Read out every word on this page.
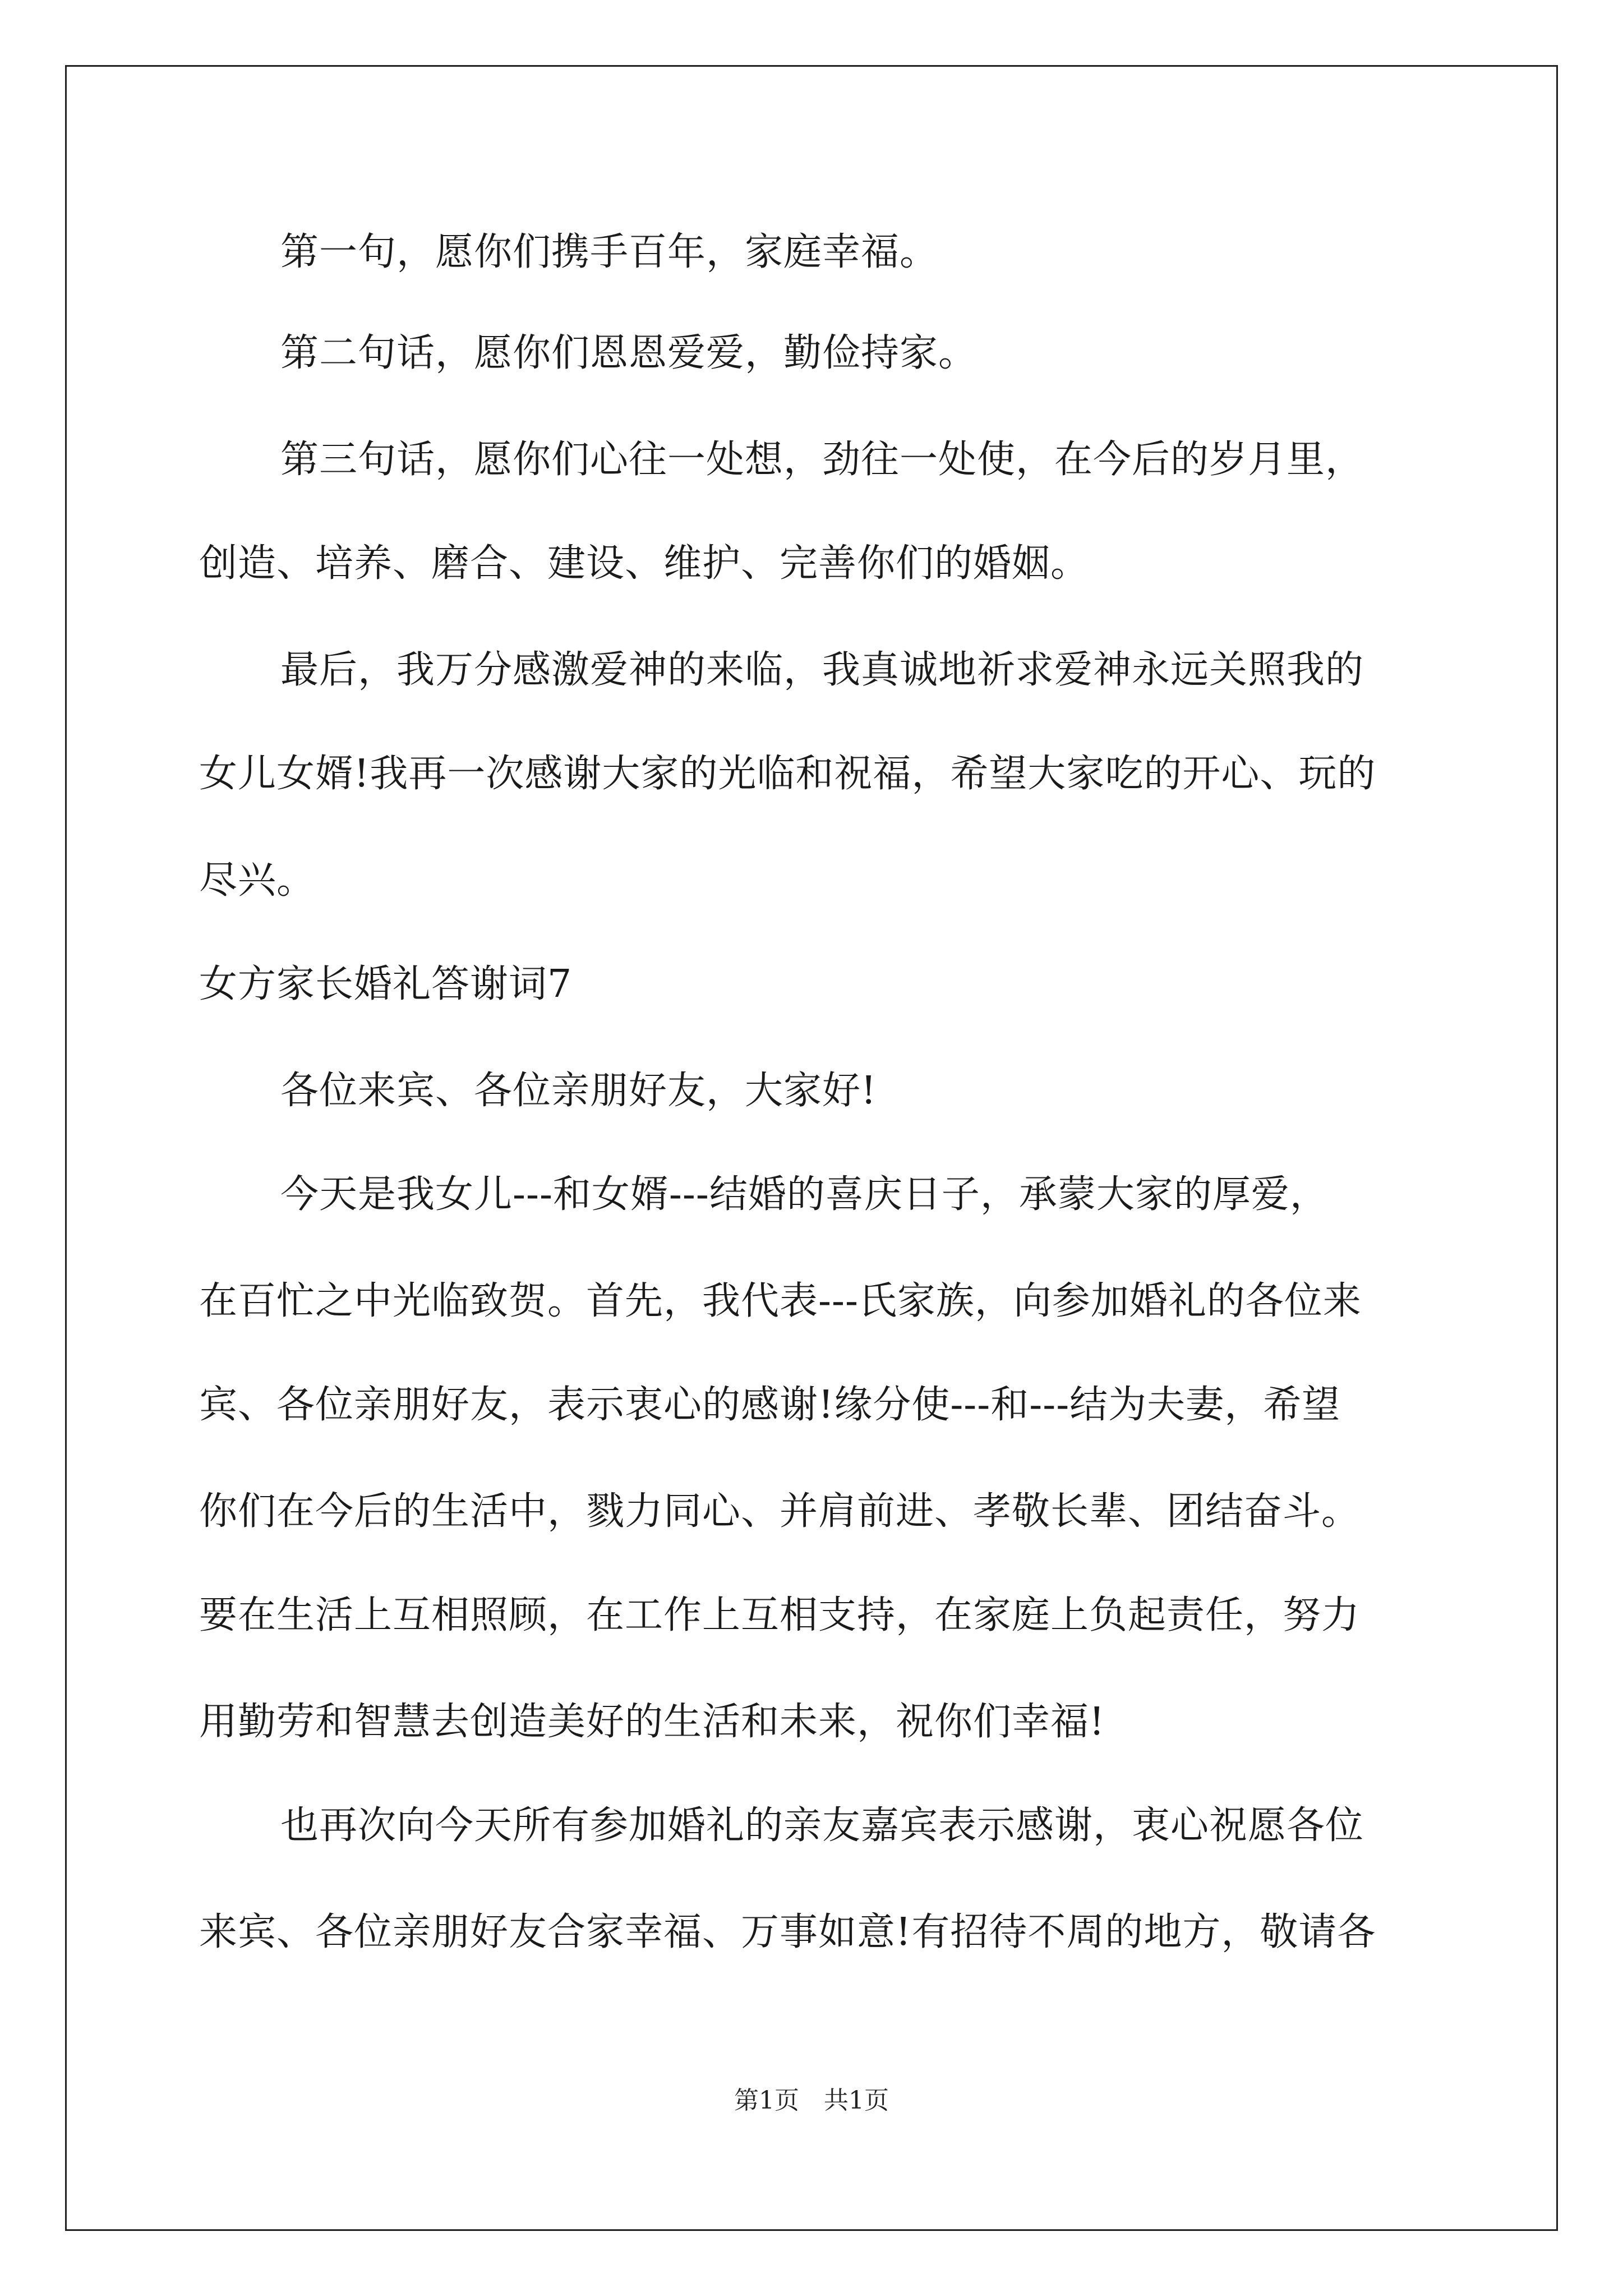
第一句，愿你们携手百年，家庭幸福。
第二句话，愿你们恩恩爱爱，勤俭持家。
第三句话，愿你们心往一处想，劲往一处使，在今后的岁月里，
创造、培养、磨合、建设、维护、完善你们的婚姻。
最后，我万分感激爱神的来临，我真诚地祈求爱神永远关照我的
女儿女婿!我再一次感谢大家的光临和祝福，希望大家吃的开心、玩的
尽兴。
女方家长婚礼答谢词7
各位来宾、各位亲朋好友，大家好!
今天是我女儿---和女婿---结婚的喜庆日子，承蒙大家的厚爱，
在百忙之中光临致贺。首先，我代表---氏家族，向参加婚礼的各位来
宾、各位亲朋好友，表示衷心的感谢!缘分使---和---结为夫妻，希望
你们在今后的生活中，戮力同心、并肩前进、孝敬长辈、团结奋斗。
要在生活上互相照顾，在工作上互相支持，在家庭上负起责任，努力
用勤劳和智慧去创造美好的生活和未来，祝你们幸福!
也再次向今天所有参加婚礼的亲友嘉宾表示感谢，衷心祝愿各位
来宾、各位亲朋好友合家幸福、万事如意!有招待不周的地方，敬请各
第1页　共1页
